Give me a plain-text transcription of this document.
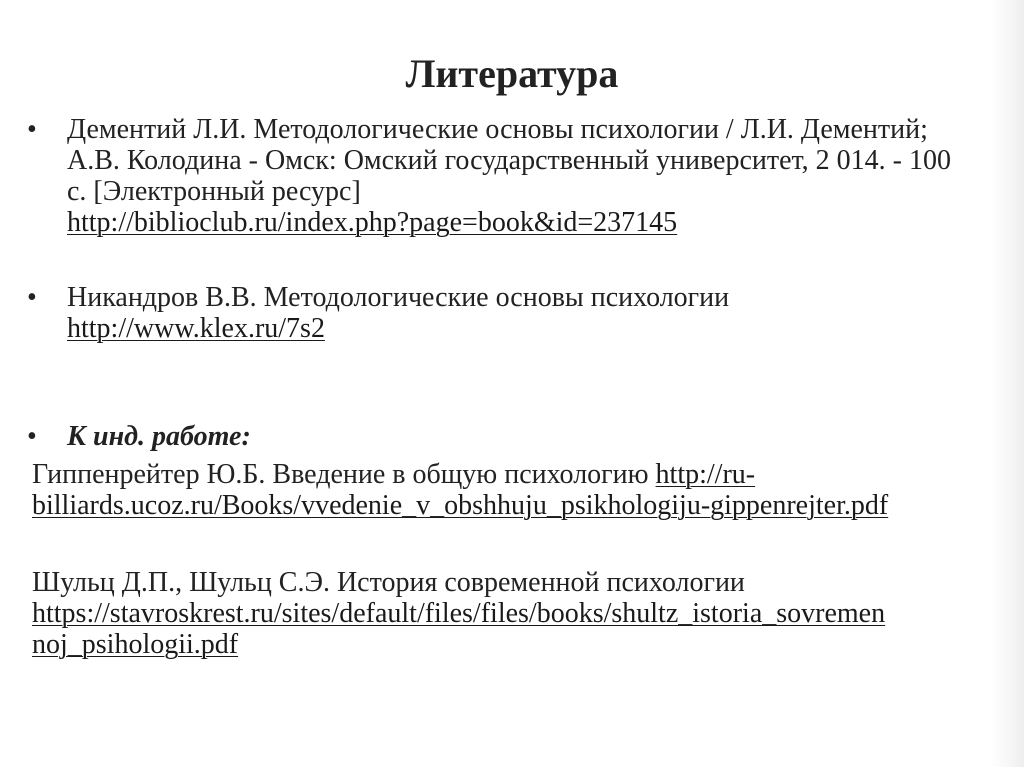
Литература
• Дементий Л.И. Методологические основы психологии / Л.И. Дементий; А.В. Колодина - Омск: Омский государственный университет, 2 014. - 100 с. [Электронный ресурс]
http://biblioclub.ru/index.php?page=book&id=237145
• Никандров В.В. Методологические основы психологии
http://www.klex.ru/7s2
• К инд. работе:
Гиппенрейтер Ю.Б. Введение в общую психологию http://ru-
billiards.ucoz.ru/Books/vvedenie_v_obshhuju_psikhologiju-gippenrejter.pdf
Шульц Д.П., Шульц С.Э. История современной психологии
https://stavroskrest.ru/sites/default/files/files/books/shultz_istoria_sovremen
noj_psihologii.pdf
